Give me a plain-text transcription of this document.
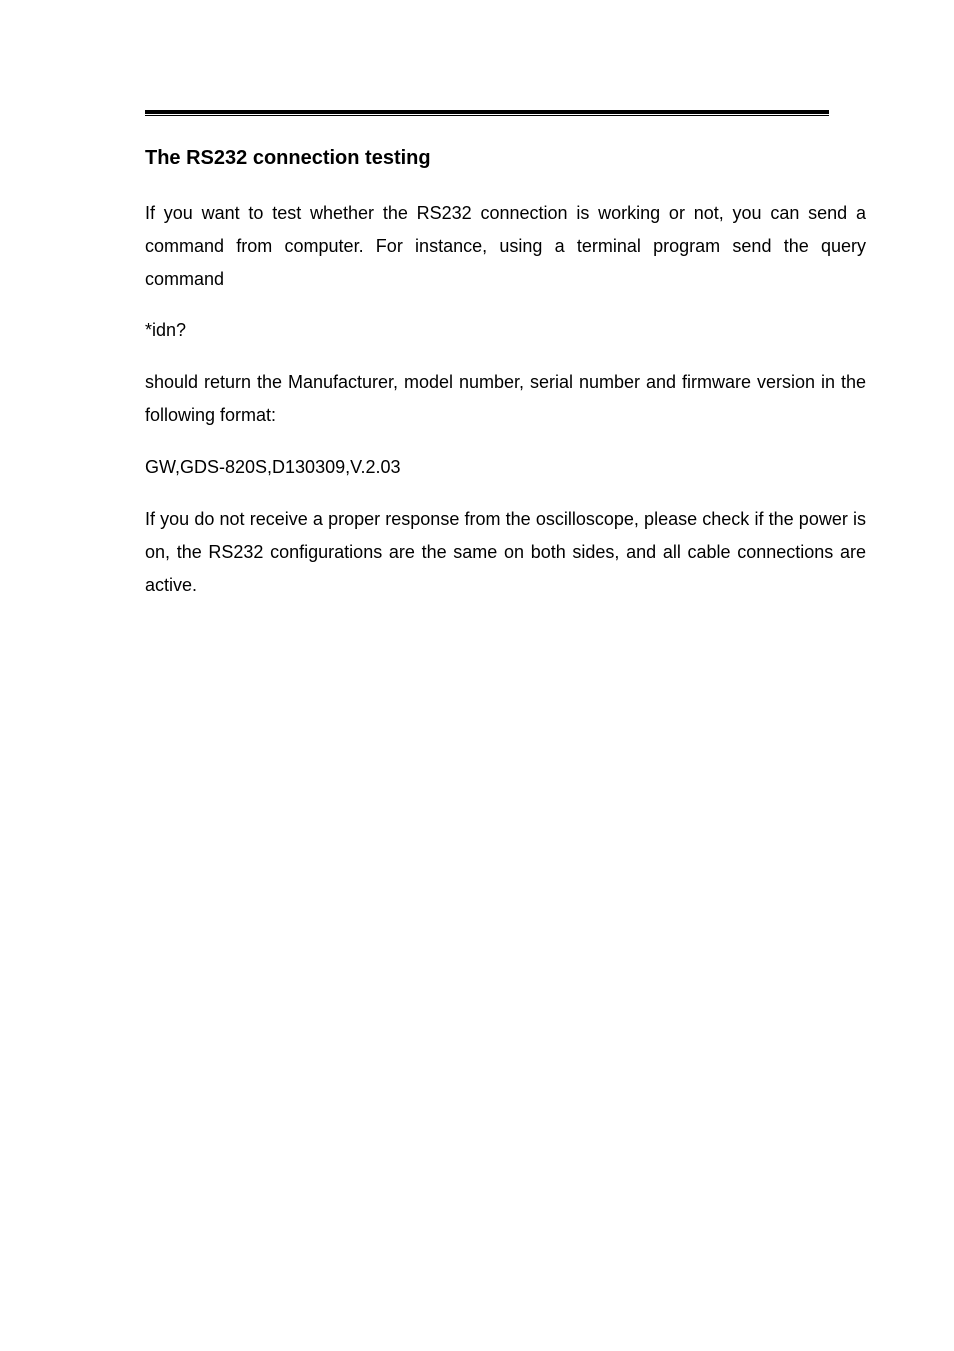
The RS232 connection testing

If you want to test whether the RS232 connection is working or not, you can send a command from computer. For instance, using a terminal program send the query command

*idn?

should return the Manufacturer, model number, serial number and firmware version in the following format:

GW,GDS-820S,D130309,V.2.03

If you do not receive a proper response from the oscilloscope, please check if the power is on, the RS232 configurations are the same on both sides, and all cable connections are active.
